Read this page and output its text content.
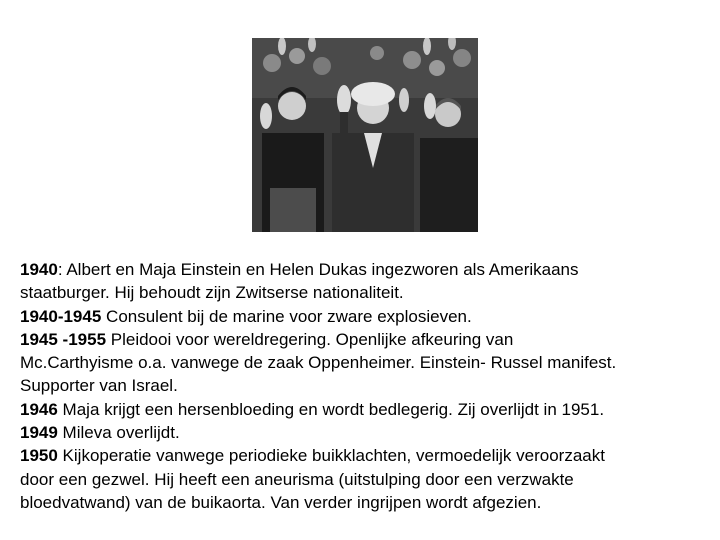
1940: Albert en Maja Einstein en Helen Dukas ingezworen als Amerikaans
staatburger. Hij behoudt zijn Zwitserse nationaliteit.
1940-1945 Consulent bij de marine voor zware explosieven.
1945 -1955 Pleidooi voor wereldregering. Openlijke afkeuring van
Mc.Carthyisme o.a. vanwege de zaak Oppenheimer. Einstein- Russel manifest.
Supporter van Israel.
1946 Maja krijgt een hersenbloeding en wordt bedlegerig. Zij overlijdt in 1951.
1949 Mileva overlijdt.
1950 Kijkoperatie vanwege periodieke buikklachten, vermoedelijk veroorzaakt
door een gezwel. Hij heeft een aneurisma (uitstulping door een verzwakte
bloedvatwand) van de buikaorta. Van verder ingrijpen wordt afgezien.
